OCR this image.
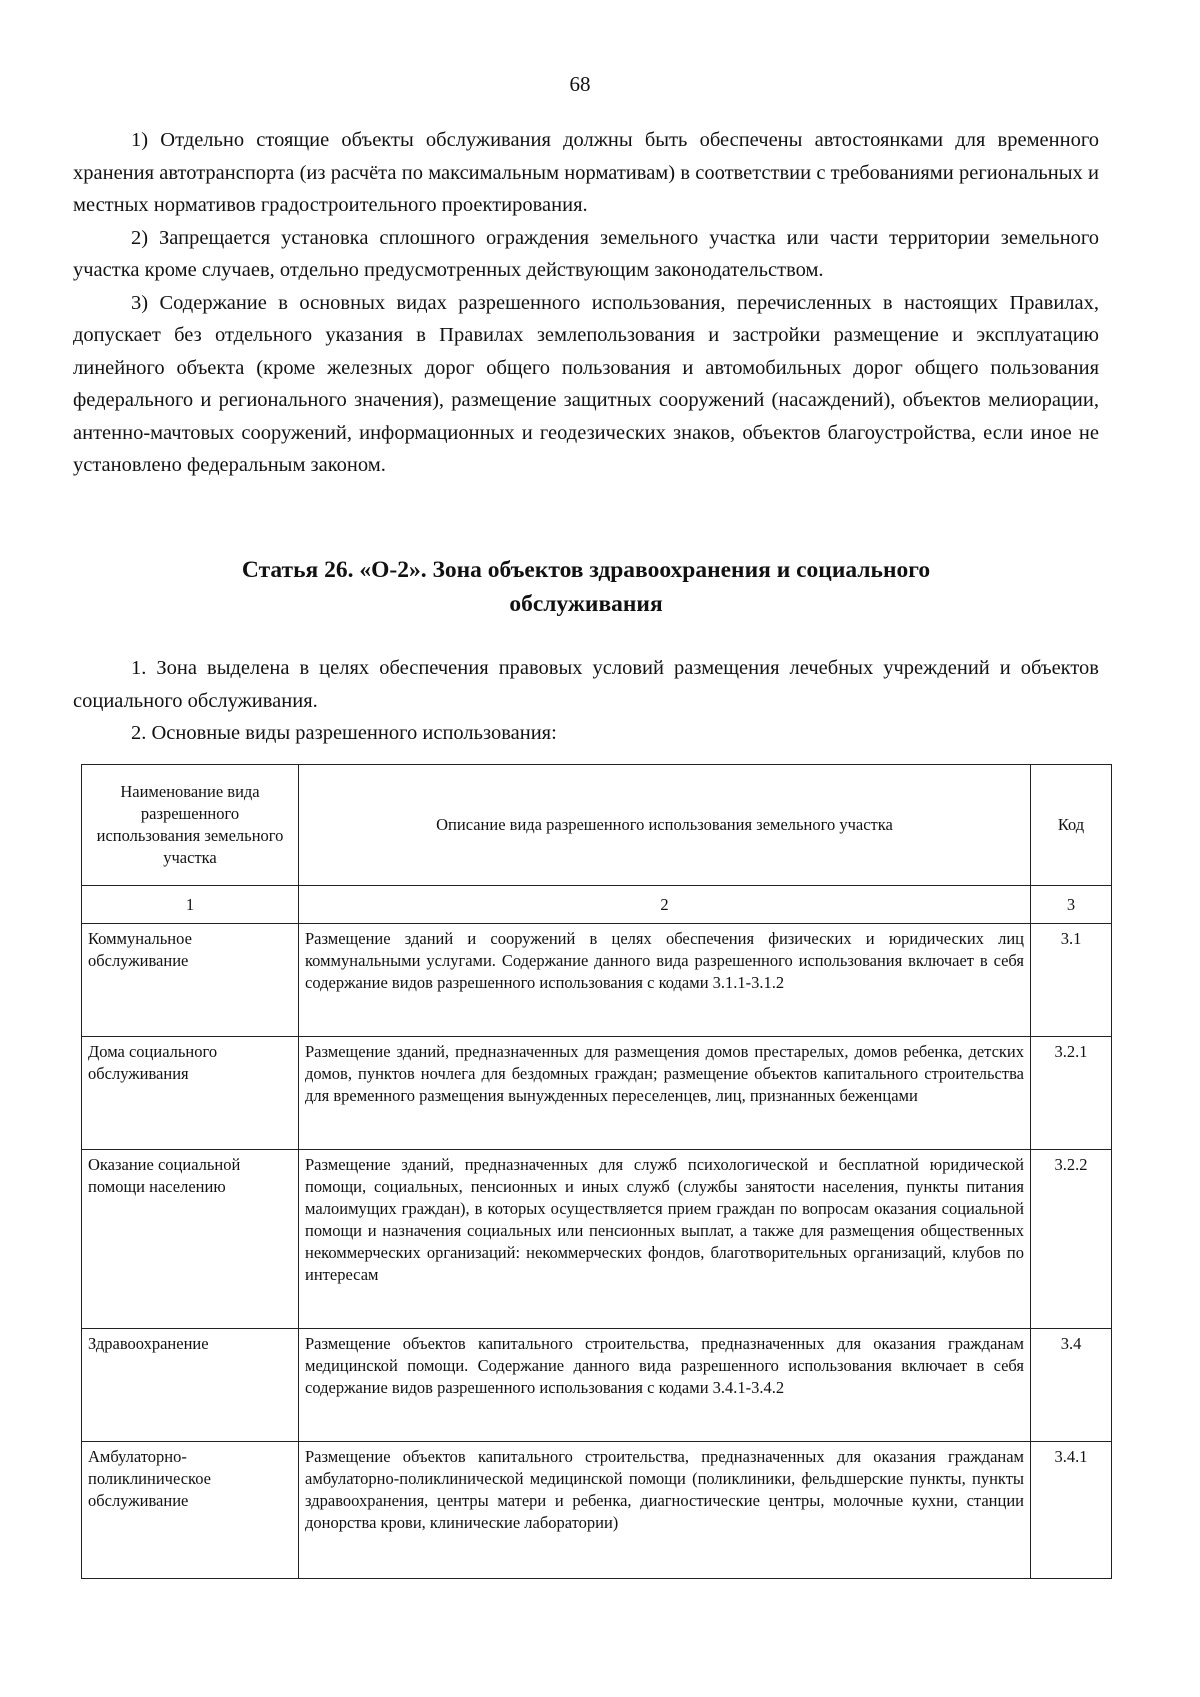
68

1) Отдельно стоящие объекты обслуживания должны быть обеспечены автостоянками для временного хранения автотранспорта (из расчёта по максимальным нормативам) в соответствии с требованиями региональных и местных нормативов градостроительного проектирования.

2) Запрещается установка сплошного ограждения земельного участка или части территории земельного участка кроме случаев, отдельно предусмотренных действующим законодательством.

3) Содержание в основных видах разрешенного использования, перечисленных в настоящих Правилах, допускает без отдельного указания в Правилах землепользования и застройки размещение и эксплуатацию линейного объекта (кроме железных дорог общего пользования и автомобильных дорог общего пользования федерального и регионального значения), размещение защитных сооружений (насаждений), объектов мелиорации, антенно-мачтовых сооружений, информационных и геодезических знаков, объектов благоустройства, если иное не установлено федеральным законом.

Статья 26. «О-2». Зона объектов здравоохранения и социального
обслуживания

1. Зона выделена в целях обеспечения правовых условий размещения лечебных учреждений и объектов социального обслуживания.

2. Основные виды разрешенного использования:

Наименование вида разрешенного использования земельного участка	Описание вида разрешенного использования земельного участка	Код
1	2	3
Коммунальное обслуживание	Размещение зданий и сооружений в целях обеспечения физических и юридических лиц коммунальными услугами. Содержание данного вида разрешенного использования включает в себя содержание видов разрешенного использования с кодами 3.1.1-3.1.2	3.1
Дома социального обслуживания	Размещение зданий, предназначенных для размещения домов престарелых, домов ребенка, детских домов, пунктов ночлега для бездомных граждан; размещение объектов капитального строительства для временного размещения вынужденных переселенцев, лиц, признанных беженцами	3.2.1
Оказание социальной помощи населению	Размещение зданий, предназначенных для служб психологической и бесплатной юридической помощи, социальных, пенсионных и иных служб (службы занятости населения, пункты питания малоимущих граждан), в которых осуществляется прием граждан по вопросам оказания социальной помощи и назначения социальных или пенсионных выплат, а также для размещения общественных некоммерческих организаций: некоммерческих фондов, благотворительных организаций, клубов по интересам	3.2.2
Здравоохранение	Размещение объектов капитального строительства, предназначенных для оказания гражданам медицинской помощи. Содержание данного вида разрешенного использования включает в себя содержание видов разрешенного использования с кодами 3.4.1-3.4.2	3.4
Амбулаторно-поликлиническое обслуживание	Размещение объектов капитального строительства, предназначенных для оказания гражданам амбулаторно-поликлинической медицинской помощи (поликлиники, фельдшерские пункты, пункты здравоохранения, центры матери и ребенка, диагностические центры, молочные кухни, станции донорства крови, клинические лаборатории)	3.4.1
